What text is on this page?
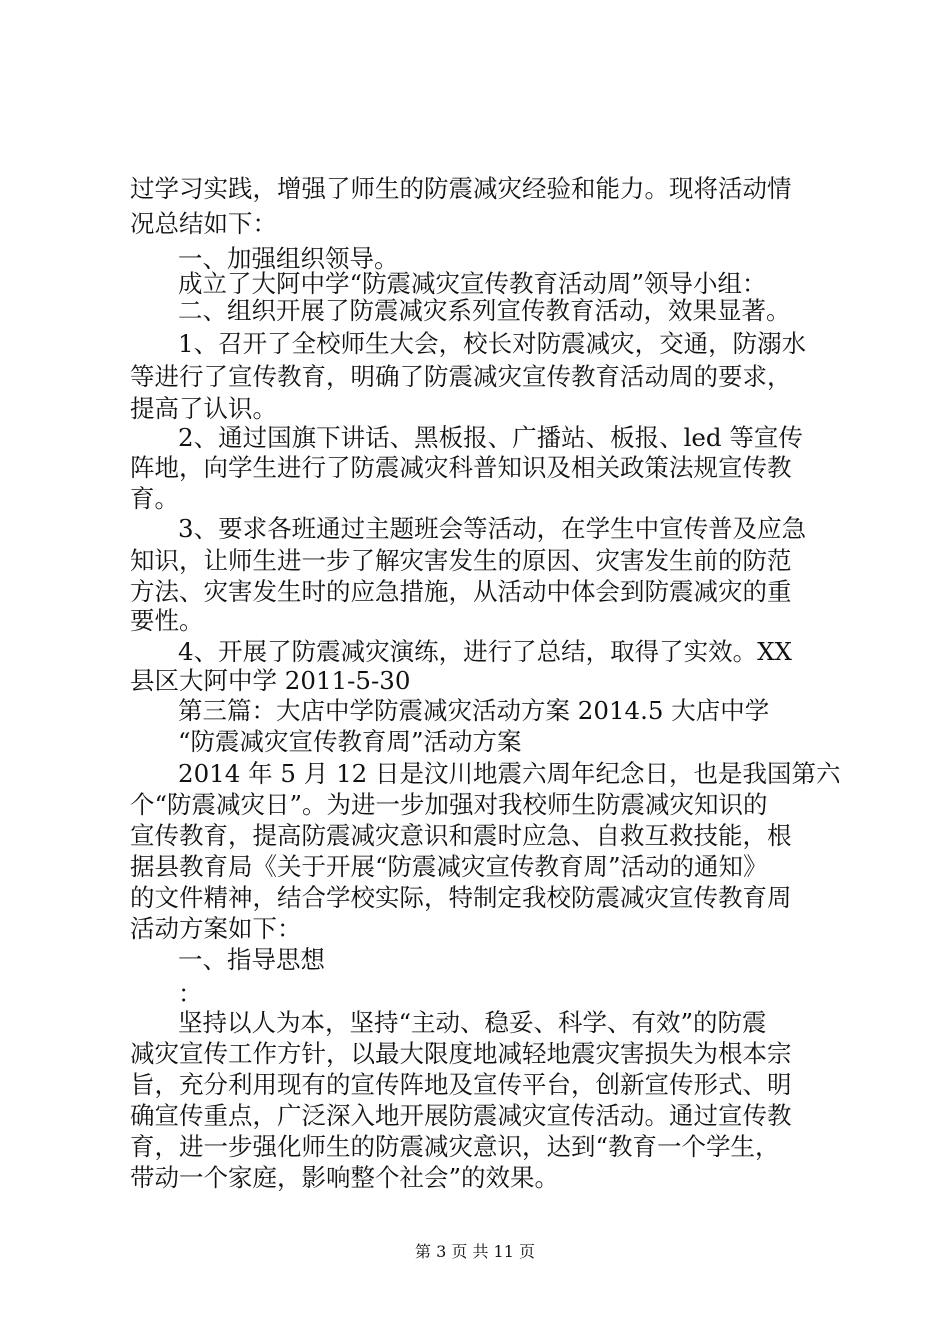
过学习实践，增强了师生的防震减灾经验和能力。现将活动情
况总结如下：
一、加强组织领导。
成立了大阿中学“防震减灾宣传教育活动周”领导小组：
二、组织开展了防震减灾系列宣传教育活动，效果显著。
1、召开了全校师生大会，校长对防震减灾，交通，防溺水
等进行了宣传教育，明确了防震减灾宣传教育活动周的要求，
提高了认识。
2、通过国旗下讲话、黑板报、广播站、板报、led 等宣传
阵地，向学生进行了防震减灾科普知识及相关政策法规宣传教
育。
3、要求各班通过主题班会等活动，在学生中宣传普及应急
知识，让师生进一步了解灾害发生的原因、灾害发生前的防范
方法、灾害发生时的应急措施，从活动中体会到防震减灾的重
要性。
4、开展了防震减灾演练，进行了总结，取得了实效。XX
县区大阿中学 2011-5-30
第三篇：大店中学防震减灾活动方案 2014.5 大店中学
“防震减灾宣传教育周”活动方案
2014 年 5 月 12 日是汶川地震六周年纪念日，也是我国第六
个“防震减灾日”。为进一步加强对我校师生防震减灾知识的
宣传教育，提高防震减灾意识和震时应急、自救互救技能，根
据县教育局《关于开展“防震减灾宣传教育周”活动的通知》
的文件精神，结合学校实际，特制定我校防震减灾宣传教育周
活动方案如下：
一、指导思想
：
坚持以人为本，坚持“主动、稳妥、科学、有效”的防震
减灾宣传工作方针，以最大限度地减轻地震灾害损失为根本宗
旨，充分利用现有的宣传阵地及宣传平台，创新宣传形式、明
确宣传重点，广泛深入地开展防震减灾宣传活动。通过宣传教
育，进一步强化师生的防震减灾意识，达到“教育一个学生，
带动一个家庭，影响整个社会”的效果。
第 3 页 共 11 页
